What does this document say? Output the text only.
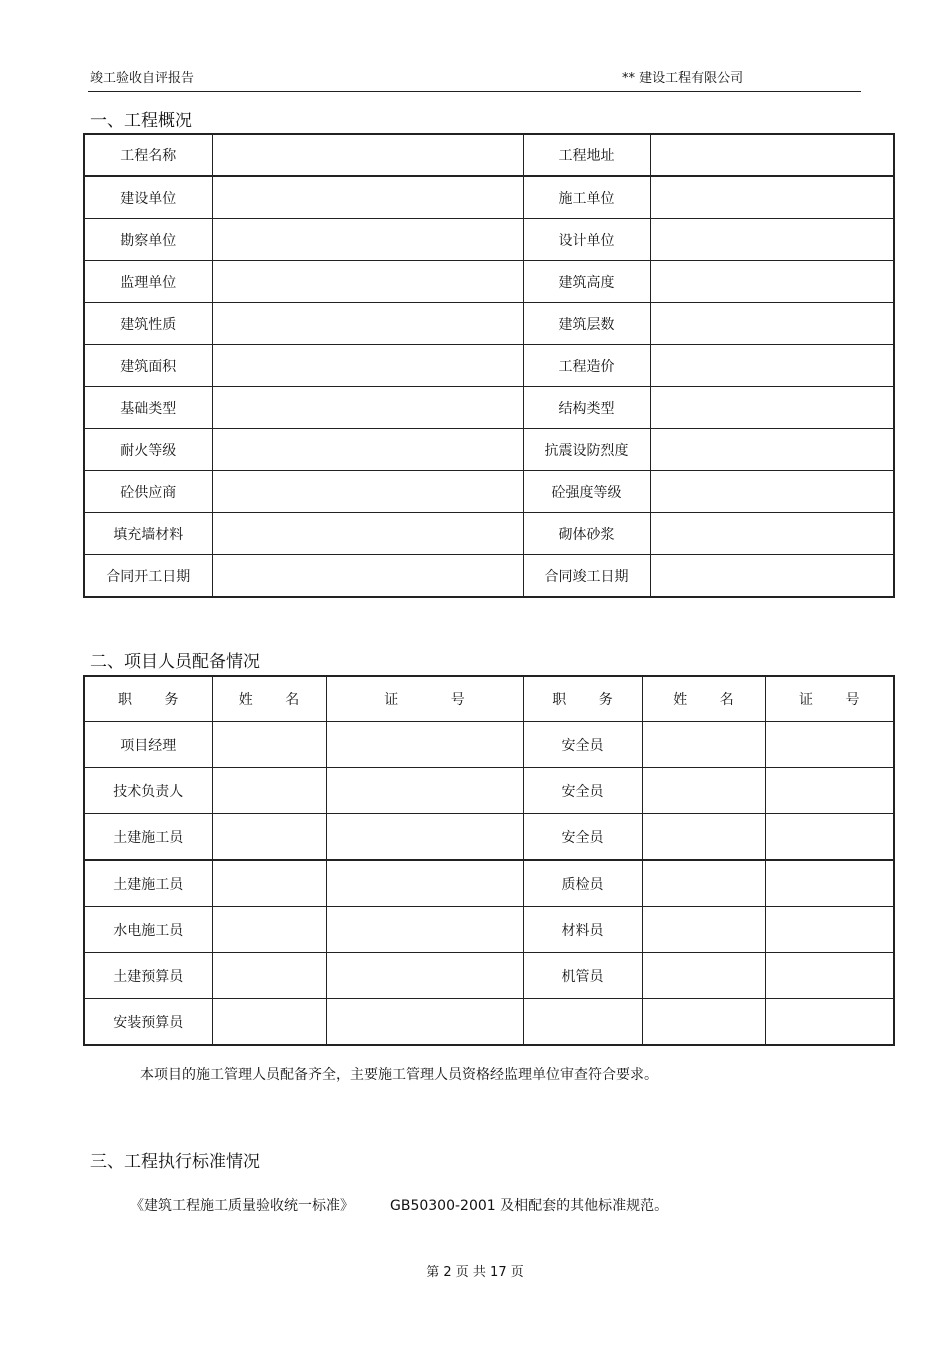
竣工验收自评报告	** 建设工程有限公司
一、工程概况
工程名称		工程地址	
建设单位		施工单位	
勘察单位		设计单位	
监理单位		建筑高度	
建筑性质		建筑层数	
建筑面积		工程造价	
基础类型		结构类型	
耐火等级		抗震设防烈度	
砼供应商		砼强度等级	
填充墙材料		砌体砂浆	
合同开工日期		合同竣工日期	
二、项目人员配备情况
职 务	姓 名	证 号	职 务	姓 名	证 号
项目经理			安全员		
技术负责人			安全员		
土建施工员			安全员		
土建施工员			质检员		
水电施工员			材料员		
土建预算员			机管员		
安装预算员					
本项目的施工管理人员配备齐全，主要施工管理人员资格经监理单位审查符合要求。
三、工程执行标准情况
《建筑工程施工质量验收统一标准》	GB50300-2001 及相配套的其他标准规范。
第 2 页 共 17 页
